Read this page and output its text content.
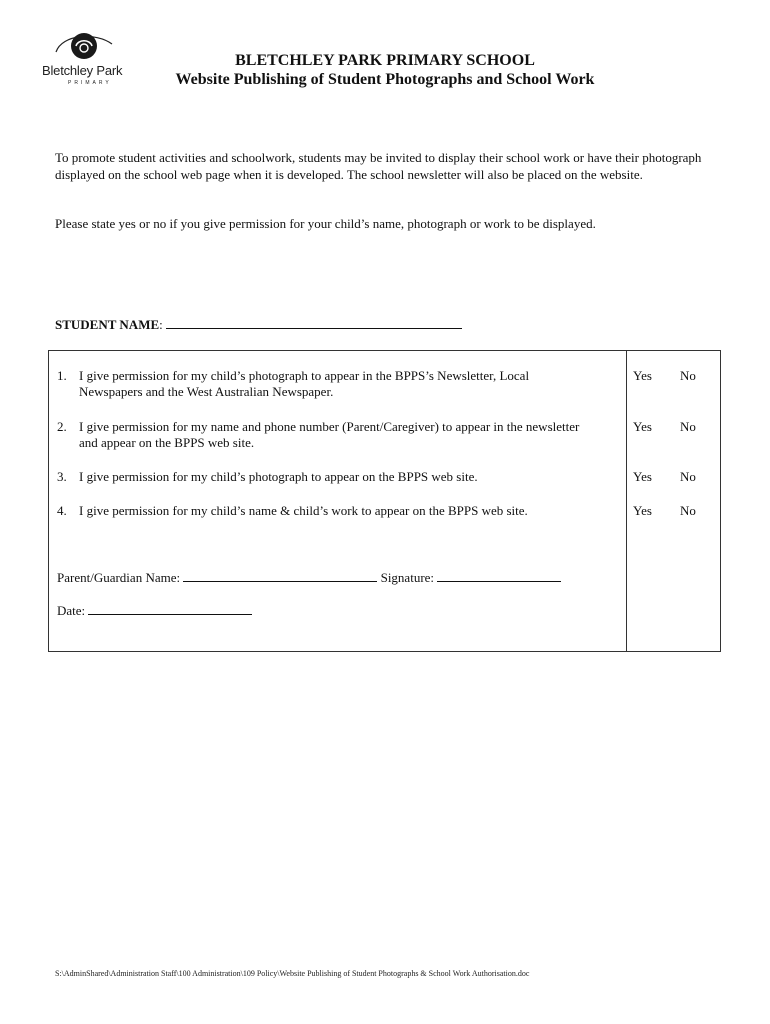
Bletchley Park
PRIMARY
BLETCHLEY PARK PRIMARY SCHOOL
Website Publishing of Student Photographs and School Work
To promote student activities and schoolwork, students may be invited to display their school work or have their photograph displayed on the school web page when it is developed. The school newsletter will also be placed on the website.
Please state yes or no if you give permission for your child’s name, photograph or work to be displayed.
STUDENT NAME:
1. I give permission for my child’s photograph to appear in the BPPS’s Newsletter, Local Newspapers and the West Australian Newspaper.
Yes No
2. I give permission for my name and phone number (Parent/Caregiver) to appear in the newsletter and appear on the BPPS web site.
Yes No
3. I give permission for my child’s photograph to appear on the BPPS web site.	Yes No
4. I give permission for my child’s name & child’s work to appear on the BPPS web site.	Yes No
Parent/Guardian Name:	Signature:
Date:
S:\AdminShared\Administration Staff\100 Administration\109 Policy\Website Publishing of Student Photographs & School Work Authorisation.doc
